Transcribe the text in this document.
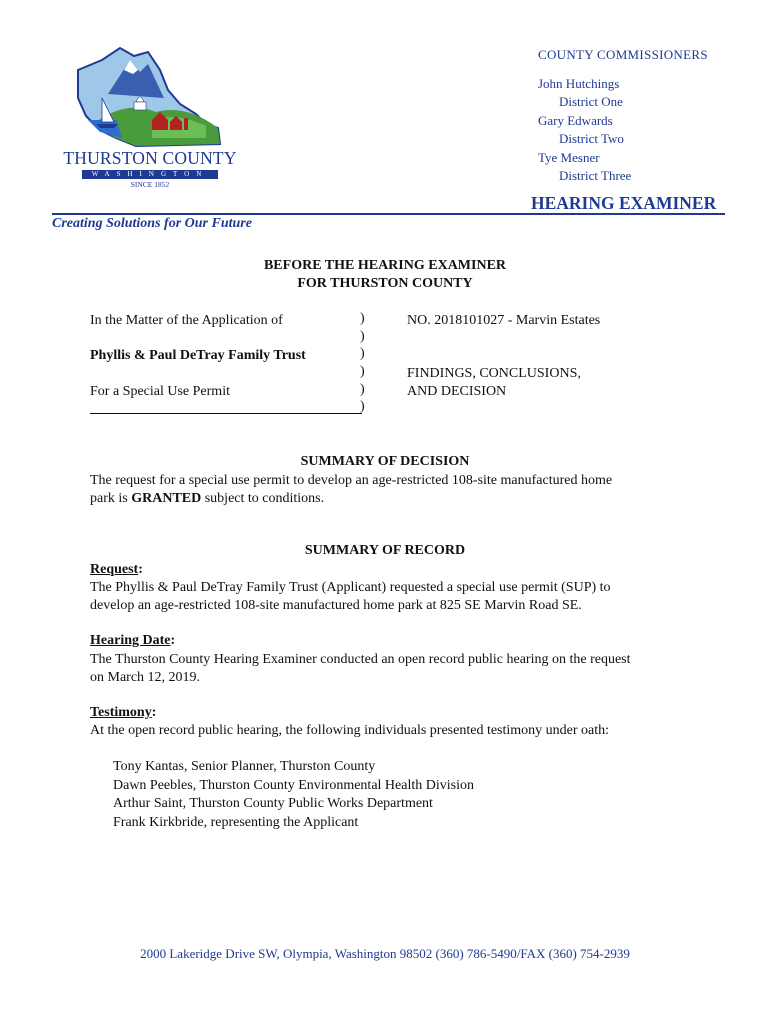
THURSTON COUNTY
WASHINGTON
SINCE 1852
COUNTY COMMISSIONERS
John Hutchings
District One
Gary Edwards
District Two
Tye Mesner
District Three
HEARING EXAMINER
Creating Solutions for Our Future
BEFORE THE HEARING EXAMINER
FOR THURSTON COUNTY
In the Matter of the Application of
Phyllis & Paul DeTray Family Trust
For a Special Use Permit
)
)
)
)
)
)
NO. 2018101027 - Marvin Estates
FINDINGS, CONCLUSIONS,
AND DECISION
SUMMARY OF DECISION
The request for a special use permit to develop an age-restricted 108-site manufactured home
park is GRANTED subject to conditions.
SUMMARY OF RECORD
Request:
The Phyllis & Paul DeTray Family Trust (Applicant) requested a special use permit (SUP) to
develop an age-restricted 108-site manufactured home park at 825 SE Marvin Road SE.
Hearing Date:
The Thurston County Hearing Examiner conducted an open record public hearing on the request
on March 12, 2019.
Testimony:
At the open record public hearing, the following individuals presented testimony under oath:
Tony Kantas, Senior Planner, Thurston County
Dawn Peebles, Thurston County Environmental Health Division
Arthur Saint, Thurston County Public Works Department
Frank Kirkbride, representing the Applicant
2000 Lakeridge Drive SW, Olympia, Washington 98502 (360) 786-5490/FAX (360) 754-2939
